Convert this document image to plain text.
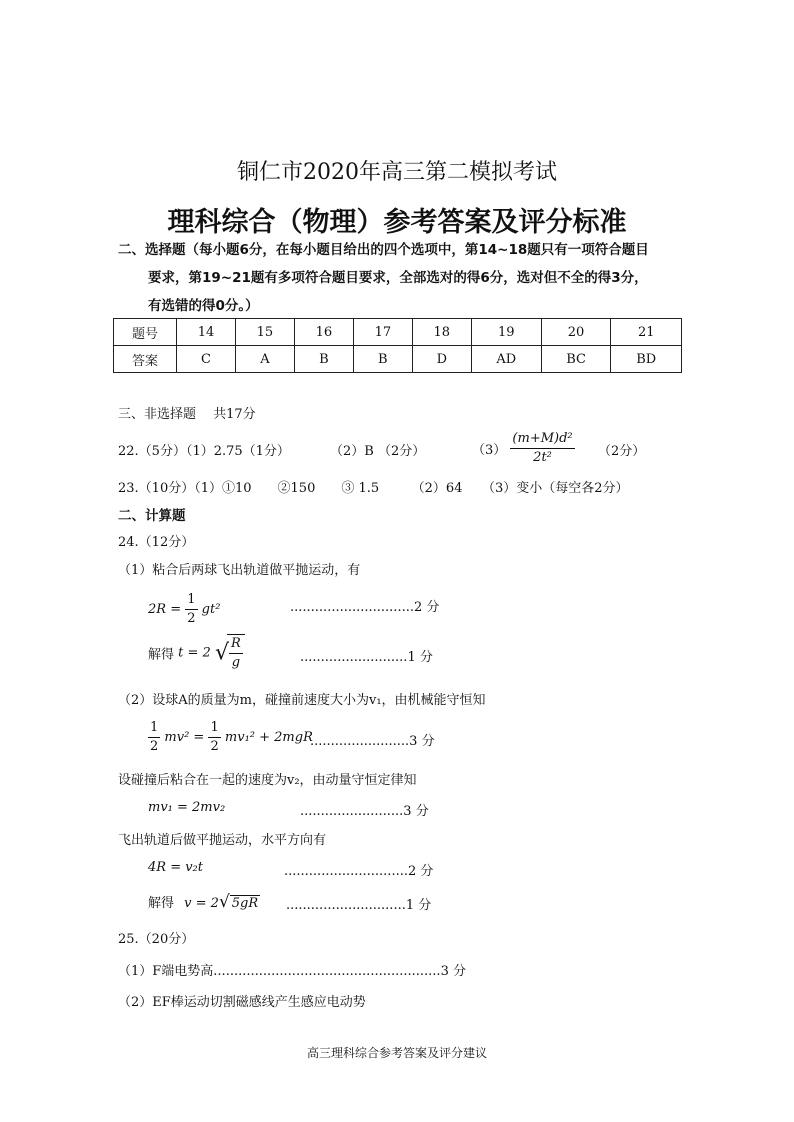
铜仁市2020年高三第二模拟考试
理科综合（物理）参考答案及评分标准
二、选择题（每小题6分，在每小题目给出的四个选项中，第14~18题只有一项符合题目
要求，第19~21题有多项符合题目要求，全部选对的得6分，选对但不全的得3分，
有选错的得0分。）
题号	14	15	16	17	18	19	20	21
答案	C	A	B	B	D	AD	BC	BD
三、非选择题　 共17分
22.（5分）（1）2.75（1分）	（2）B （2分）	$(3) \frac{\text{(m+M)d²}}{\text{2t²}} (2$分）
23.（10分）（1）①10　　②150　　③ 1.5　　　（2）64　　（3）变小（每空各2分）
二、计算题
24.（12分）
（1）粘合后两球飞出轨道做平抛运动，有
$2R = \frac{1}{2} gt^2$	..............................2 分
解得 t = 2 √
$\frac{R}{g}$	..........................1 分
（2）设球A的质量为m，碰撞前速度大小为v₁，由机械能守恒知
$\frac{1}{2} mv^2 = \frac{1}{2} mv_1^2 + 2mgR$
........................3 分
设碰撞后粘合在一起的速度为v₂，由动量守恒定律知
mv₁ = 2mv₂	.........................3 分
飞出轨道后做平抛运动，水平方向有
4R = v₂t	..............................2 分
解得 v = 2√ 5gR .............................1 分
25.（20分）
（1）F端电势高.......................................................3 分
（2）EF棒运动切割磁感线产生感应电动势
高三理科综合参考答案及评分建议
